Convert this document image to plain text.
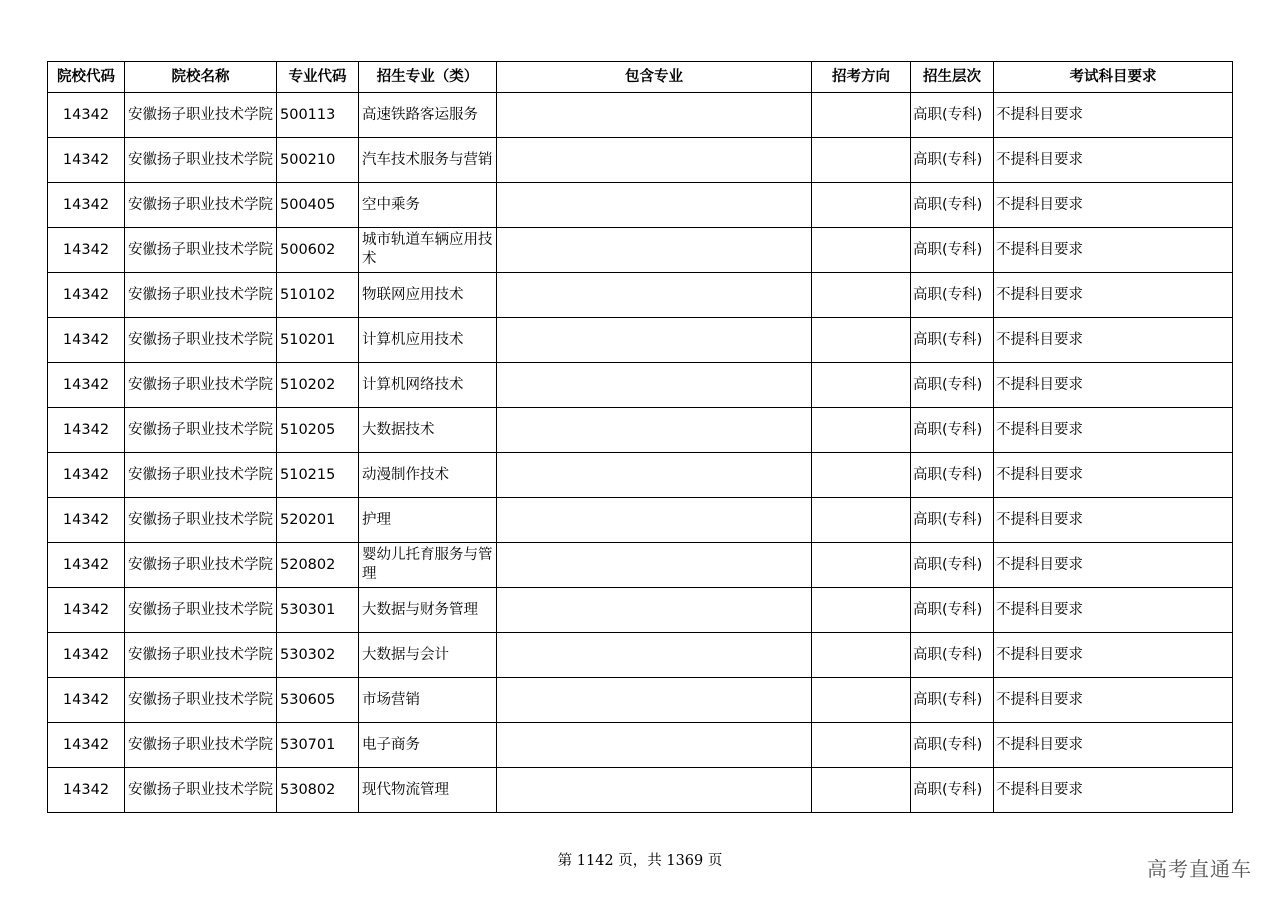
院校代码	院校名称	专业代码	招生专业（类）	包含专业	招考方向	招生层次	考试科目要求
14342	安徽扬子职业技术学院	500113	高速铁路客运服务			高职(专科)	不提科目要求
14342	安徽扬子职业技术学院	500210	汽车技术服务与营销			高职(专科)	不提科目要求
14342	安徽扬子职业技术学院	500405	空中乘务			高职(专科)	不提科目要求
14342	安徽扬子职业技术学院	500602	城市轨道车辆应用技术			高职(专科)	不提科目要求
14342	安徽扬子职业技术学院	510102	物联网应用技术			高职(专科)	不提科目要求
14342	安徽扬子职业技术学院	510201	计算机应用技术			高职(专科)	不提科目要求
14342	安徽扬子职业技术学院	510202	计算机网络技术			高职(专科)	不提科目要求
14342	安徽扬子职业技术学院	510205	大数据技术			高职(专科)	不提科目要求
14342	安徽扬子职业技术学院	510215	动漫制作技术			高职(专科)	不提科目要求
14342	安徽扬子职业技术学院	520201	护理			高职(专科)	不提科目要求
14342	安徽扬子职业技术学院	520802	婴幼儿托育服务与管理			高职(专科)	不提科目要求
14342	安徽扬子职业技术学院	530301	大数据与财务管理			高职(专科)	不提科目要求
14342	安徽扬子职业技术学院	530302	大数据与会计			高职(专科)	不提科目要求
14342	安徽扬子职业技术学院	530605	市场营销			高职(专科)	不提科目要求
14342	安徽扬子职业技术学院	530701	电子商务			高职(专科)	不提科目要求
14342	安徽扬子职业技术学院	530802	现代物流管理			高职(专科)	不提科目要求
第 1142 页，共 1369 页	高考直通车
